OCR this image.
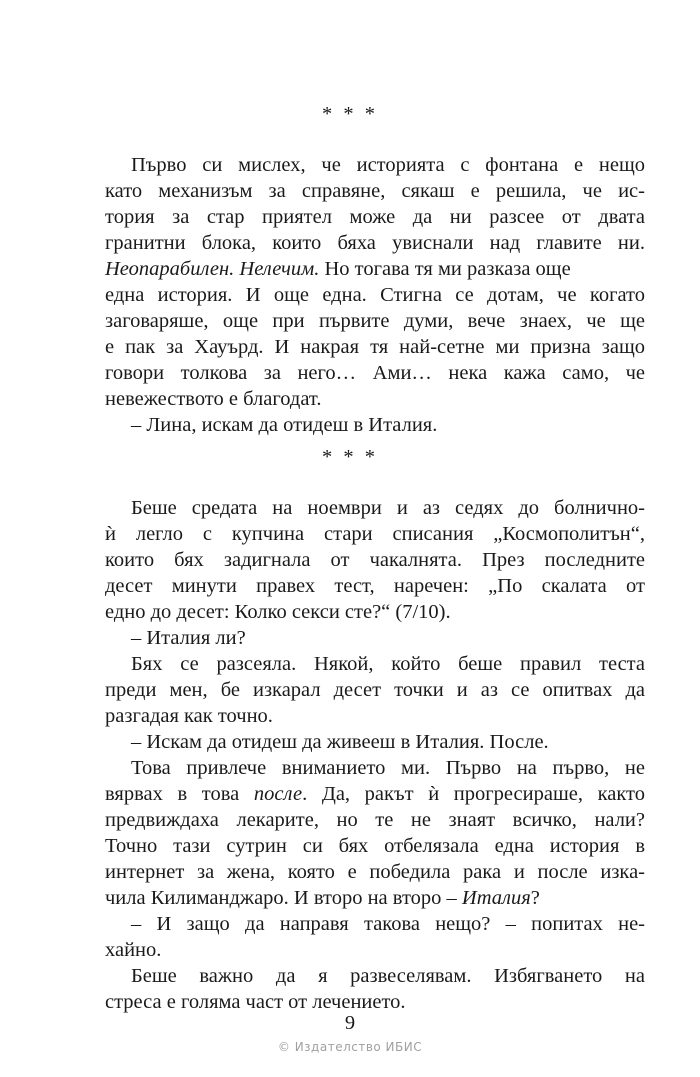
* * *
Първо си мислех, че историята с фонтана е нещо
като механизъм за справяне, сякаш е решила, че ис-
тория за стар приятел може да ни разсее от двата
гранитни блока, които бяха увиснали над главите ни.
Неопарабилен. Нелечим. Но тогава тя ми разказа още
една история. И още една. Стигна се дотам, че когато
заговаряше, още при първите думи, вече знаех, че ще
е пак за Хауърд. И накрая тя най-сетне ми призна защо
говори толкова за него… Ами… нека кажа само, че
невежеството е благодат.
– Лина, искам да отидеш в Италия.
* * *
Беше средата на ноември и аз седях до болнично-
ѝ легло с купчина стари списания „Космополитън“,
които бях задигнала от чакалнята. През последните
десет минути правех тест, наречен: „По скалата от
едно до десет: Колко секси сте?“ (7/10).
– Италия ли?
Бях се разсеяла. Някой, който беше правил теста
преди мен, бе изкарал десет точки и аз се опитвах да
разгадая как точно.
– Искам да отидеш да живееш в Италия. После.
Това привлече вниманието ми. Първо на първо, не
вярвах в това после. Да, ракът ѝ прогресираше, както
предвиждаха лекарите, но те не знаят всичко, нали?
Точно тази сутрин си бях отбелязала една история в
интернет за жена, която е победила рака и после изка-
чила Килиманджаро. И второ на второ – Италия?
– И защо да направя такова нещо? – попитах не-
хайно.
Беше важно да я развеселявам. Избягването на
стреса е голяма част от лечението.
9
© Издателство ИБИС
